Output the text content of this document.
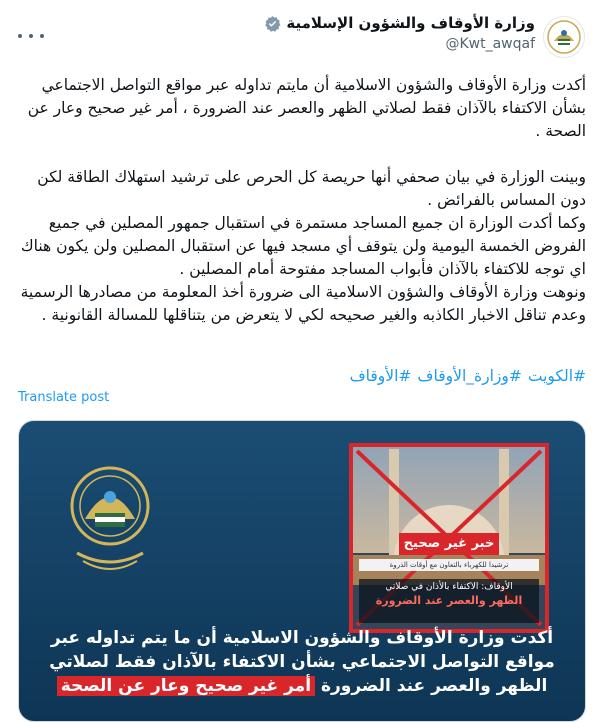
وزارة الأوقاف والشؤون الإسلامية
@Kwt_awqaf
أكدت وزارة الأوقاف والشؤون الاسلامية أن مايتم تداوله عبر مواقع التواصل الاجتماعي بشأن الاكتفاء بالآذان فقط لصلاتي الظهر والعصر عند الضرورة ، أمر غير صحيح وعار عن الصحة .

وبينت الوزارة في بيان صحفي أنها حريصة كل الحرص على ترشيد استهلاك الطاقة لكن دون المساس بالفرائض .
وكما أكدت الوزارة ان جميع المساجد مستمرة في استقبال جمهور المصلين في جميع الفروض الخمسة اليومية ولن يتوقف أي مسجد فيها عن استقبال المصلين ولن يكون هناك اي توجه للاكتفاء بالآذان فأبواب المساجد مفتوحة أمام المصلين .
ونوهت وزارة الأوقاف والشؤون الاسلامية الى ضرورة أخذ المعلومة من مصادرها الرسمية وعدم تناقل الاخبار الكاذبه والغير صحيحه لكي لا يتعرض من يتناقلها للمسالة القانونية .
#الكويت#وزارة_الأوقاف#الأوقاف
Translate post
خبر غير صحيح
ترشيدا للكهرباء بالتعاون مع أوقات الذروة
الأوقاف: الاكتفاء بالأذان في صلاتي
الظهر والعصر عند الضرورة
أكدت وزارة الأوقاف والشؤون الاسلامية أن ما يتم تداوله عبر مواقع التواصل الاجتماعي بشأن الاكتفاء بالآذان فقط لصلاتي الظهر والعصر عند الضرورة أمر غير صحيح وعار عن الصحة
